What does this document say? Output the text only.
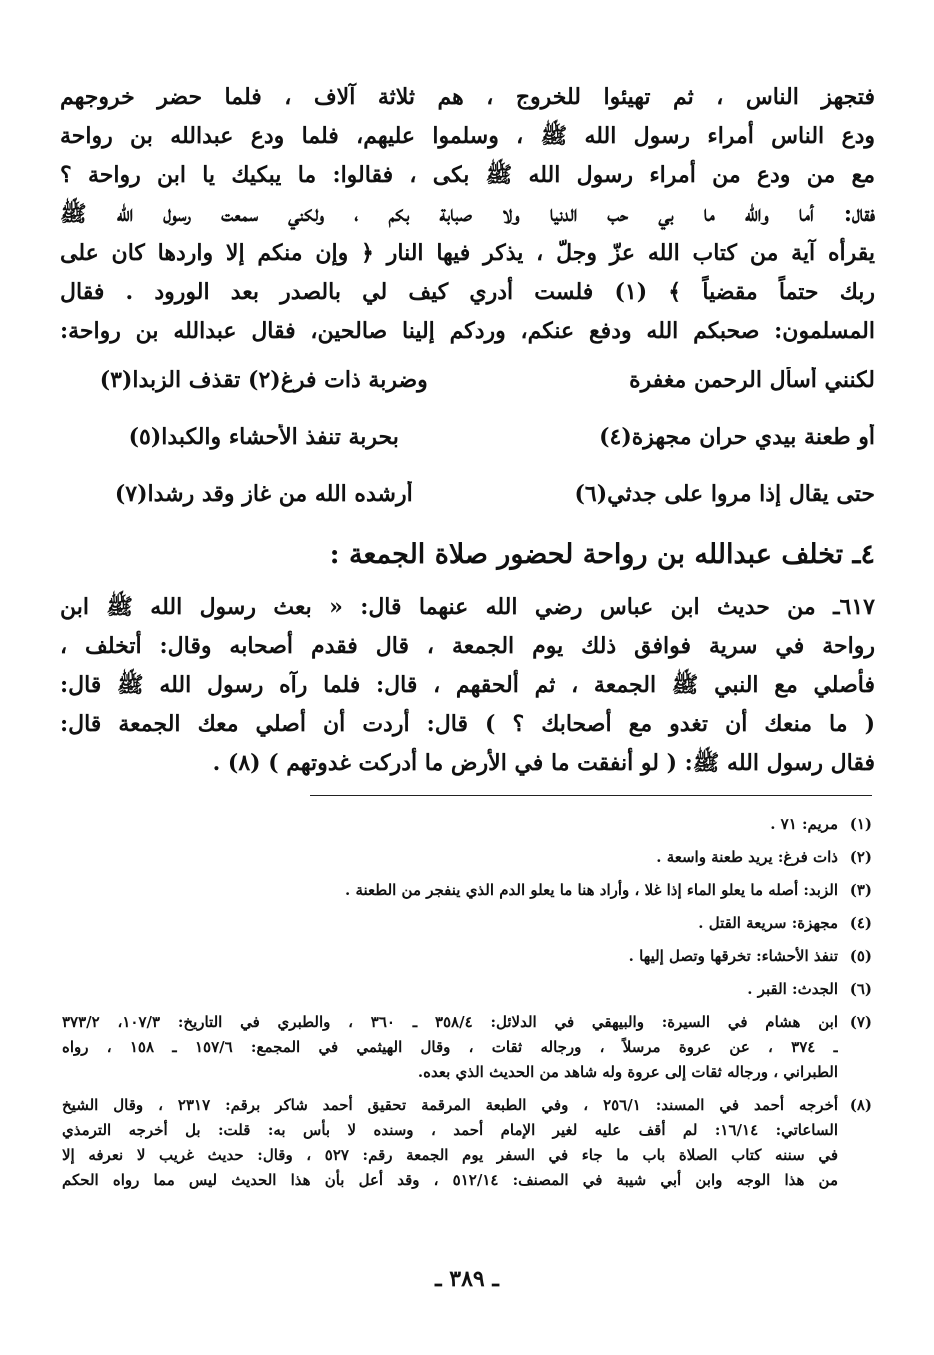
فتجهز الناس ، ثم تهيئوا للخروج ، هم ثلاثة آلاف ، فلما حضر خروجهم
ودع الناس أمراء رسول الله ﷺ ، وسلموا عليهم، فلما ودع عبدالله بن رواحة
مع من ودع من أمراء رسول الله ﷺ بكى ، فقالوا: ما يبكيك يا ابن رواحة ؟
فقال: أما والله ما بي حب الدنيا ولا صبابة بكم ، ولكني سمعت رسول الله ﷺ
يقرأه آية من كتاب الله عزّ وجلّ ، يذكر فيها النار ﴿ وإن منكم إلا واردها كان على
ربك حتماً مقضياً ﴾ (١) فلست أدري كيف لي بالصدر بعد الورود . فقال
المسلمون: صحبكم الله ودفع عنكم، وردكم إلينا صالحين، فقال عبدالله بن رواحة:
لكنني أسأل الرحمن مغفرة
وضربة ذات فرغ(٢) تقذف الزبدا(٣)
أو طعنة بيدي حران مجهزة(٤)
بحربة تنفذ الأحشاء والكبدا(٥)
حتى يقال إذا مروا على جدثي(٦)
أرشده الله من غاز وقد رشدا(٧)
٤ـ تخلف عبدالله بن رواحة لحضور صلاة الجمعة :
٦١٧ـ من حديث ابن عباس رضي الله عنهما قال: « بعث رسول الله ﷺ ابن
رواحة في سرية فوافق ذلك يوم الجمعة ، قال فقدم أصحابه وقال: أتخلف ،
فأصلي مع النبي ﷺ الجمعة ، ثم ألحقهم ، قال: فلما رآه رسول الله ﷺ قال:
( ما منعك أن تغدو مع أصحابك ؟ ) قال: أردت أن أصلي معك الجمعة قال:
فقال رسول الله ﷺ: ( لو أنفقت ما في الأرض ما أدركت غدوتهم ) (٨) .
(١)
مريم: ٧١ .
(٢)
ذات فرغ: يريد طعنة واسعة .
(٣)
الزبد: أصله ما يعلو الماء إذا غلا ، وأراد هنا ما يعلو الدم الذي ينفجر من الطعنة .
(٤)
مجهزة: سريعة القتل .
(٥)
تنفذ الأحشاء: تخرقها وتصل إليها .
(٦)
الجدث: القبر .
(٧)
ابن هشام في السيرة: والبيهقي في الدلائل: ٣٥٨/٤ ـ ٣٦٠ ، والطبري في التاريخ: ١٠٧/٣، ٣٧٣/٢
ـ ٣٧٤ ، عن عروة مرسلاً ، ورجاله ثقات ، وقال الهيثمي في المجمع: ١٥٧/٦ ـ ١٥٨ ، رواه
الطبراني ، ورجاله ثقات إلى عروة وله شاهد من الحديث الذي بعده.
(٨)
أخرجه أحمد في المسند: ٢٥٦/١ ، وفي الطبعة المرقمة تحقيق أحمد شاكر برقم: ٢٣١٧ ، وقال الشيخ
الساعاتي: ١٦/١٤: لم أقف عليه لغير الإمام أحمد ، وسنده لا بأس به: قلت: بل أخرجه الترمذي
في سننه كتاب الصلاة باب ما جاء في السفر يوم الجمعة رقم: ٥٢٧ ، وقال: حديث غريب لا نعرفه إلا
من هذا الوجه وابن أبي شيبة في المصنف: ٥١٢/١٤ ، وقد أعل بأن هذا الحديث ليس مما رواه الحكم
ـ ٣٨٩ ـ
